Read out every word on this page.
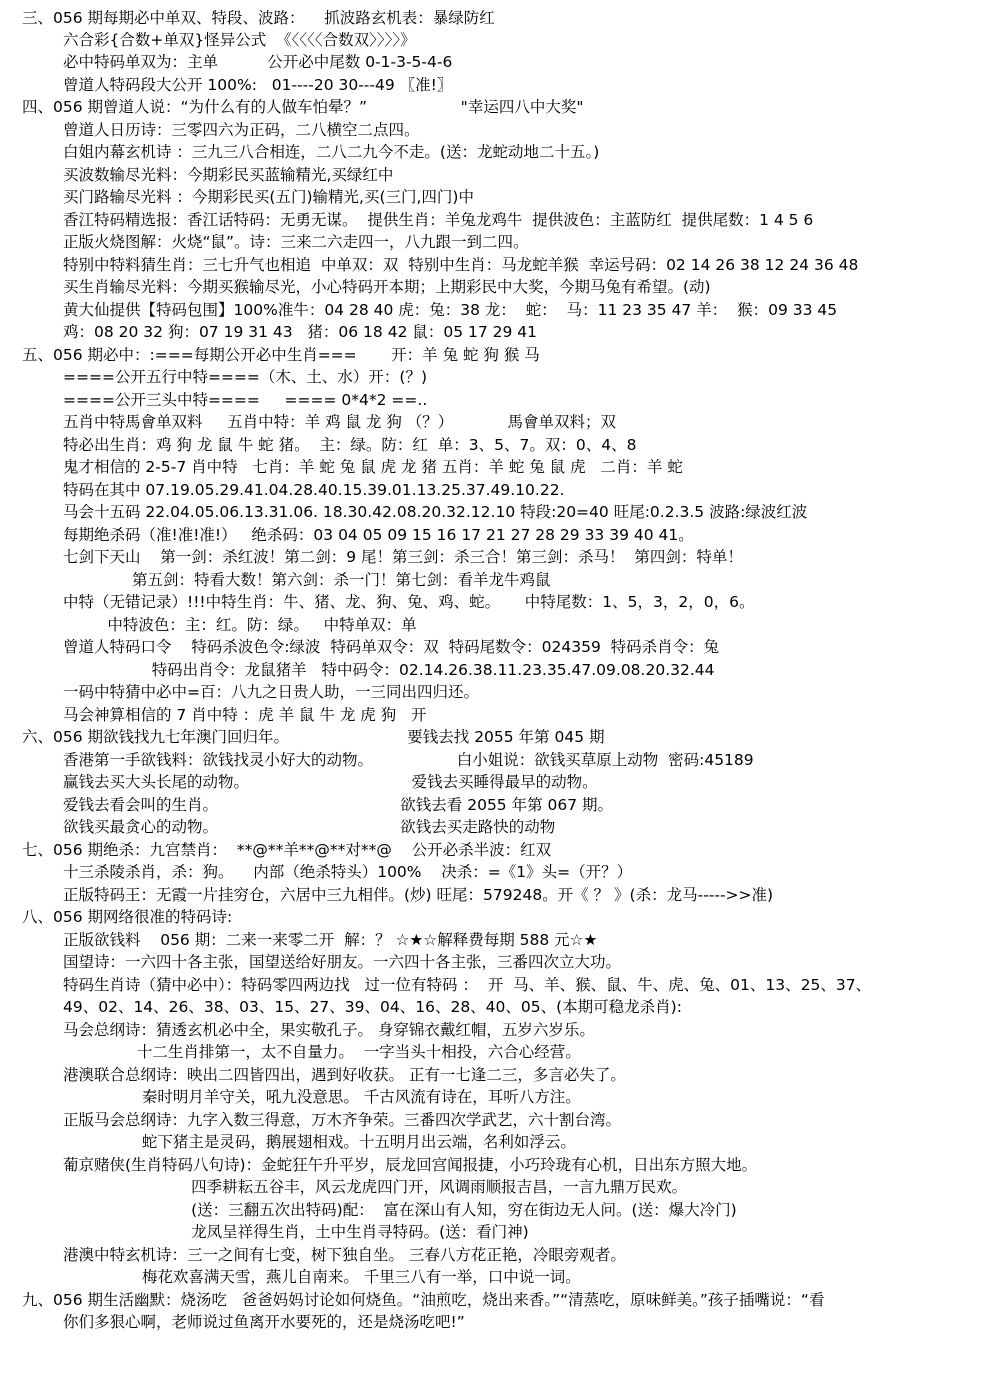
三、056 期每期必中单双、特段、波路：    抓波路玄机表：暴绿防红
六合彩{合数+单双}怪异公式  《〈〈〈〈合数双〉〉〉〉》
必中特码单双为：主单          公开必中尾数 0-1-3-5-4-6
曾道人特码段大公开 100%:   01----20 30---49 〖准!〗
四、056 期曾道人说：“为什么有的人做车怕晕？”                   "幸运四八中大奖"
曾道人日历诗：三零四六为正码，二八横空二点四。
白姐内幕玄机诗 ：三九三八合相连，二八二九今不走。(送：龙蛇动地二十五。)
买波数输尽光料：今期彩民买蓝输精光,买绿红中
买门路输尽光料 ：今期彩民买(五门)输精光,买(三门,四门)中
香江特码精选报：香江话特码：无勇无谋。  提供生肖：羊兔龙鸡牛  提供波色：主蓝防红  提供尾数：1 4 5 6
正版火烧图解：火烧“鼠”。诗：三来二六走四一，八九跟一到二四。
特别中特料猜生肖：三七升气也相追  中单双：双  特别中生肖：马龙蛇羊猴  幸运号码：02 14 26 38 12 24 36 48
买生肖输尽光料：今期买猴输尽光，小心特码开本期；上期彩民中大奖，今期马兔有希望。(动)
黄大仙提供【特码包围】100%准牛：04 28 40 虎：兔：38 龙：  蛇：  马：11 23 35 47 羊：  猴：09 33 45
鸡：08 20 32 狗：07 19 31 43   猪：06 18 42 鼠：05 17 29 41
五、056 期必中：:===每期公开必中生肖===       开：羊 兔 蛇 狗 猴 马
====公开五行中特====（木、土、水）开：(？)
====公开三头中特====     ==== 0*4*2 ==..
五肖中特馬會单双料     五肖中特：羊 鸡 鼠 龙 狗 （？）           馬會单双料；双
特必出生肖：鸡 狗 龙 鼠 牛 蛇 猪。  主：绿。防：红  单：3、5、7。双：0、4、8
鬼才相信的 2-5-7 肖中特   七肖：羊 蛇 兔 鼠 虎 龙 猪 五肖：羊 蛇 兔 鼠 虎   二肖：羊 蛇
特码在其中 07.19.05.29.41.04.28.40.15.39.01.13.25.37.49.10.22.
马会十五码 22.04.05.06.13.31.06. 18.30.42.08.20.32.12.10 特段:20=40 旺尾:0.2.3.5 波路:绿波红波
每期绝杀码（准!准!准!）   绝杀码：03 04 05 09 15 16 17 21 27 28 29 33 39 40 41。
七剑下天山    第一剑：杀红波！第二剑：9 尾！第三剑：杀三合！第三剑：杀马！  第四剑：特单！
第五剑：特看大数！第六剑：杀一门！第七剑：看羊龙牛鸡鼠
中特（无错记录）!!!中特生肖：牛、猪、龙、狗、兔、鸡、蛇。     中特尾数：1、5，3，2，0，6。
中特波色：主：红。防：绿。   中特单双：单
曾道人特码口令    特码杀波色令:绿波  特码单双令：双  特码尾数令：024359  特码杀肖令：兔
特码出肖令：龙鼠猪羊   特中码令：02.14.26.38.11.23.35.47.09.08.20.32.44
一码中特猜中必中=百：八九之日贵人助，一三同出四归还。
马会神算相信的 7 肖中特 ：虎 羊 鼠 牛 龙 虎 狗   开
六、056 期欲钱找九七年澳门回归年。                        要钱去找 2055 年第 045 期
香港第一手欲钱料：欲钱找灵小好大的动物。                 白小姐说：欲钱买草原上动物  密码:45189
赢钱去买大头长尾的动物。                                 爱钱去买睡得最早的动物。
爱钱去看会叫的生肖。                                     欲钱去看 2055 年第 067 期。
欲钱买最贪心的动物。                                     欲钱去买走路快的动物
七、056 期绝杀：九宫禁肖：  **@**羊**@**对**@    公开必杀半波：红双
十三杀陵杀肖，杀：狗。    内部（绝杀特头）100%    决杀：=《1》头=（开？）
正版特码王：无霞一片挂穷仓，六居中三九相伴。(炒) 旺尾：579248。开《 ？ 》(杀：龙马----->>准)
八、056 期网络很准的特码诗:
正版欲钱料    056 期：二来一来零二开  解：？ ☆★☆解释费每期 588 元☆★
国望诗：一六四十各主张，国望送给好朋友。一六四十各主张，三番四次立大功。
特码生肖诗（猜中必中）：特码零四两边找   过一位有特码 ：  开  马、羊、猴、鼠、牛、虎、兔、01、13、25、37、
49、02、14、26、38、03、15、27、39、04、16、28、40、05、(本期可稳龙杀肖):
马会总纲诗：猜透玄机必中全，果实敬孔子。 身穿锦衣戴红帽，五岁六岁乐。
十二生肖排第一，太不自量力。  一字当头十相投，六合心经营。
港澳联合总纲诗：映出二四皆四出，遇到好收获。 正有一七逢二三，多言必失了。
秦时明月羊守关，吼九没意思。 千古风流有诗在，耳听八方注。
正版马会总纲诗：九字入数三得意，万木齐争荣。三番四次学武艺，六十割台湾。
蛇下猪主是灵码，鹅展翅相戏。十五明月出云端，名利如浮云。
葡京赌侠(生肖特码八句诗)：金蛇狂午升平岁，辰龙回宫闻报捷，小巧玲珑有心机，日出东方照大地。
四季耕耘五谷丰，风云龙虎四门开，风调雨顺报吉昌，一言九鼎万民欢。
(送：三翻五次出特码)配：  富在深山有人知，穷在街边无人问。(送：爆大冷门)
龙凤呈祥得生肖，土中生肖寻特码。(送：看门神)
港澳中特玄机诗：三一之间有七变，树下独自坐。 三春八方花正艳，冷眼旁观者。
梅花欢喜满天雪，燕儿自南来。 千里三八有一举，口中说一词。
九、056 期生活幽默：烧汤吃   爸爸妈妈讨论如何烧鱼。“油煎吃，烧出来香。”“清蒸吃，原味鲜美。”孩子插嘴说：“看
你们多狠心啊，老师说过鱼离开水要死的，还是烧汤吃吧!”
